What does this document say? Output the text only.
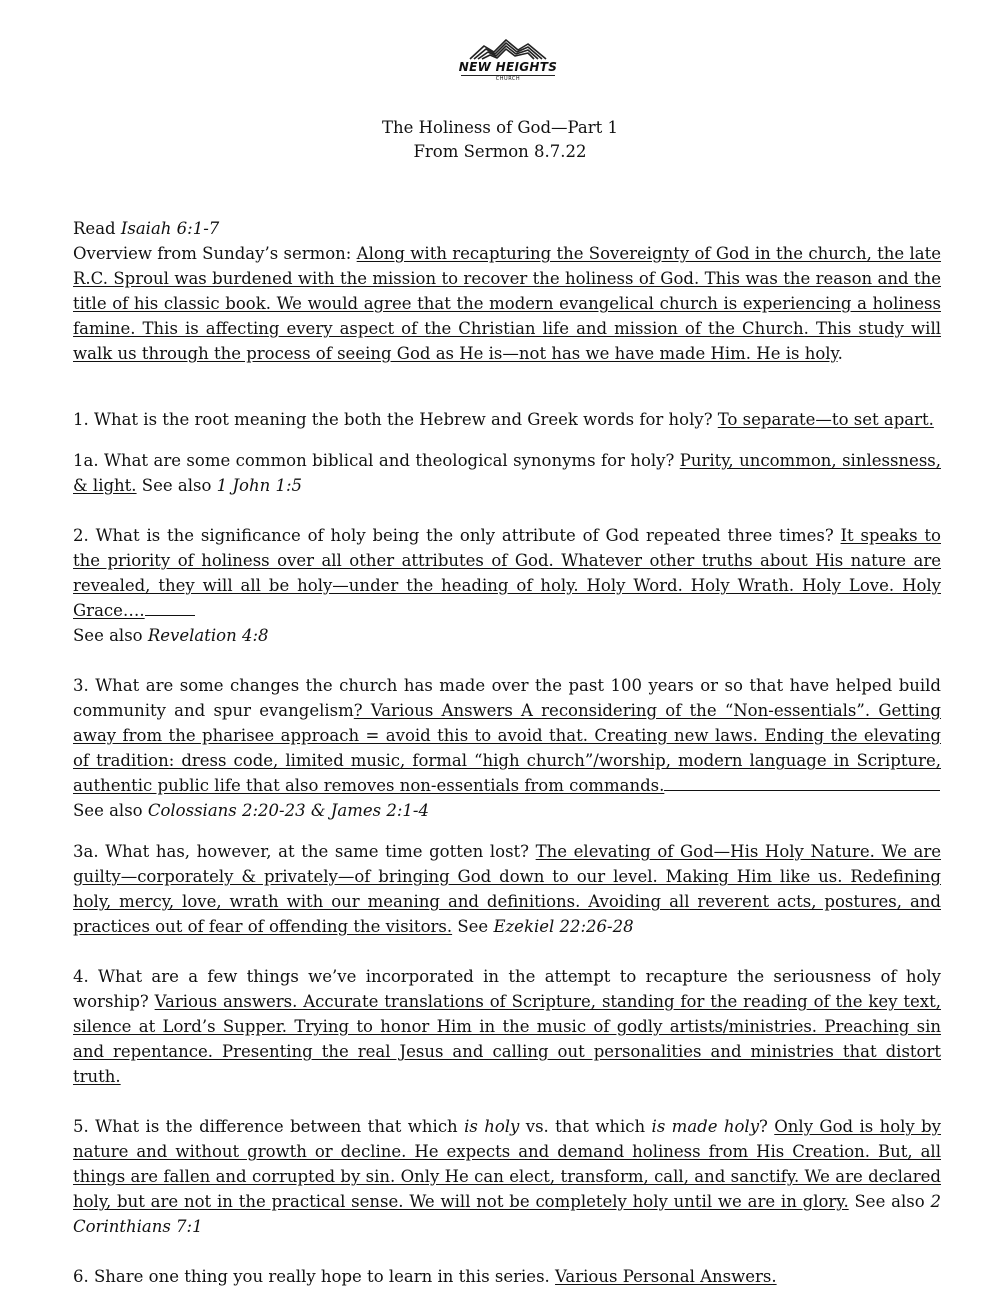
NEW HEIGHTS
CHURCH
The Holiness of God—Part 1
From Sermon 8.7.22

Read Isaiah 6:1-7

Overview from Sunday’s sermon: Along with recapturing the Sovereignty of God in the church, the late R.C. Sproul was burdened with the mission to recover the holiness of God. This was the reason and the title of his classic book. We would agree that the modern evangelical church is experiencing a holiness famine. This is affecting every aspect of the Christian life and mission of the Church. This study will walk us through the process of seeing God as He is—not has we have made Him. He is holy.

1. What is the root meaning the both the Hebrew and Greek words for holy? To separate—to set apart.

1a. What are some common biblical and theological synonyms for holy? Purity, uncommon, sinlessness, & light. See also 1 John 1:5

2. What is the significance of holy being the only attribute of God repeated three times? It speaks to the priority of holiness over all other attributes of God. Whatever other truths about His nature are revealed, they will all be holy—under the heading of holy. Holy Word. Holy Wrath. Holy Love. Holy Grace….
See also Revelation 4:8

3. What are some changes the church has made over the past 100 years or so that have helped build community and spur evangelism? Various Answers A reconsidering of the “Non-essentials”. Getting away from the pharisee approach = avoid this to avoid that. Creating new laws. Ending the elevating of tradition: dress code, limited music, formal “high church”/worship, modern language in Scripture, authentic public life that also removes non-essentials from commands.
See also Colossians 2:20-23 & James 2:1-4

3a. What has, however, at the same time gotten lost? The elevating of God—His Holy Nature. We are guilty—corporately & privately—of bringing God down to our level. Making Him like us. Redefining holy, mercy, love, wrath with our meaning and definitions. Avoiding all reverent acts, postures, and practices out of fear of offending the visitors. See Ezekiel 22:26-28

4. What are a few things we’ve incorporated in the attempt to recapture the seriousness of holy worship? Various answers. Accurate translations of Scripture, standing for the reading of the key text, silence at Lord’s Supper. Trying to honor Him in the music of godly artists/ministries. Preaching sin and repentance. Presenting the real Jesus and calling out personalities and ministries that distort truth.

5. What is the difference between that which is holy vs. that which is made holy? Only God is holy by nature and without growth or decline. He expects and demand holiness from His Creation. But, all things are fallen and corrupted by sin. Only He can elect, transform, call, and sanctify. We are declared holy, but are not in the practical sense. We will not be completely holy until we are in glory. See also 2 Corinthians 7:1

6. Share one thing you really hope to learn in this series. Various Personal Answers.
